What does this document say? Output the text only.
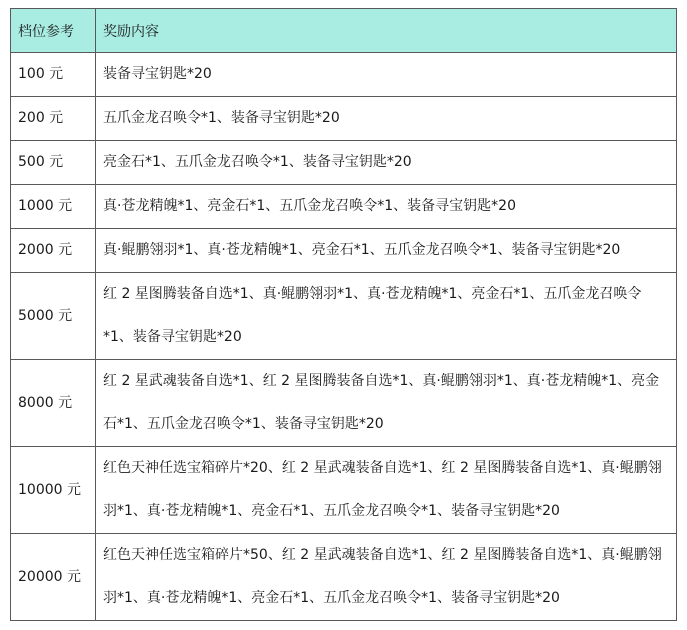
档位参考	奖励内容
100 元	装备寻宝钥匙*20
200 元	五爪金龙召唤令*1、装备寻宝钥匙*20
500 元	亮金石*1、五爪金龙召唤令*1、装备寻宝钥匙*20
1000 元	真·苍龙精魄*1、亮金石*1、五爪金龙召唤令*1、装备寻宝钥匙*20
2000 元	真·鲲鹏翎羽*1、真·苍龙精魄*1、亮金石*1、五爪金龙召唤令*1、装备寻宝钥匙*20
5000 元	红 2 星图腾装备自选*1、真·鲲鹏翎羽*1、真·苍龙精魄*1、亮金石*1、五爪金龙召唤令*1、装备寻宝钥匙*20
8000 元	红 2 星武魂装备自选*1、红 2 星图腾装备自选*1、真·鲲鹏翎羽*1、真·苍龙精魄*1、亮金石*1、五爪金龙召唤令*1、装备寻宝钥匙*20
10000 元	红色天神任选宝箱碎片*20、红 2 星武魂装备自选*1、红 2 星图腾装备自选*1、真·鲲鹏翎羽*1、真·苍龙精魄*1、亮金石*1、五爪金龙召唤令*1、装备寻宝钥匙*20
20000 元	红色天神任选宝箱碎片*50、红 2 星武魂装备自选*1、红 2 星图腾装备自选*1、真·鲲鹏翎羽*1、真·苍龙精魄*1、亮金石*1、五爪金龙召唤令*1、装备寻宝钥匙*20
